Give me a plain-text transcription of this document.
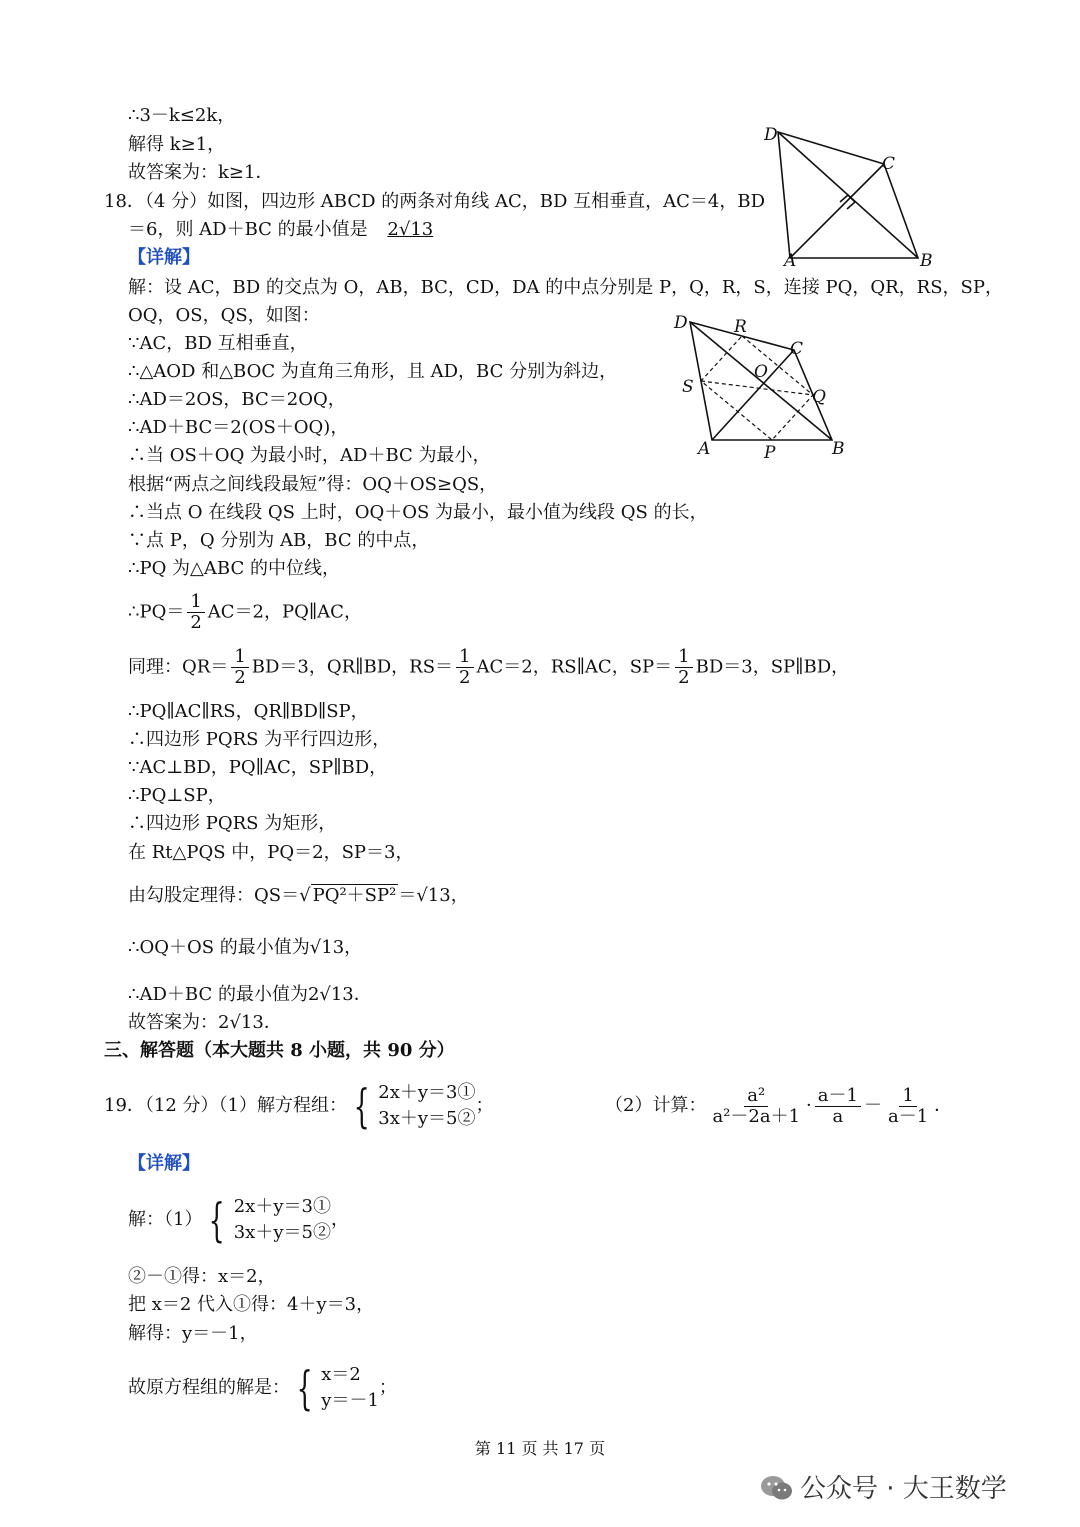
∴3－k≤2k，
解得 k≥1，
故答案为：k≥1．
18．（4 分）如图，四边形 ABCD 的两条对角线 AC，BD 互相垂直，AC＝4，BD
＝6，则 AD＋BC 的最小值是 2√13
【详解】
D
C
A	B
解：设 AC，BD 的交点为 O，AB，BC，CD，DA 的中点分别是 P，Q，R，S，连接 PQ，QR，RS，SP，
OQ，OS，QS，如图：
∵AC，BD 互相垂直，
∴△AOD 和△BOC 为直角三角形，且 AD，BC 分别为斜边，
∴AD＝2OS，BC＝2OQ，
∴AD＋BC＝2(OS＋OQ)，
∴当 OS＋OQ 为最小时，AD＋BC 为最小，
根据“两点之间线段最短”得：OQ＋OS≥QS，
∴当点 O 在线段 QS 上时，OQ＋OS 为最小，最小值为线段 QS 的长，
∵点 P，Q 分别为 AB，BC 的中点，
∴PQ 为△ABC 的中位线，
D	R
C
O
S	Q
A	P	B
∴PQ＝ $\frac{1}{2} AC=2$，PQ∥AC，
同理：$QR= \frac{1}{2} BD=3$，QR∥BD，$RS= \frac{1}{2} AC=2$，RS∥AC，$SP= \frac{1}{2} BD=3$，SP∥BD，
∴PQ∥AC∥RS，QR∥BD∥SP，
∴四边形 PQRS 为平行四边形，
∵AC⊥BD，PQ∥AC，SP∥BD，
∴PQ⊥SP，
∴四边形 PQRS 为矩形，
在 Rt△PQS 中，PQ＝2，SP＝3，
由勾股定理得：QS＝√ PQ²＋SP² ＝√13，
∴OQ＋OS 的最小值为√13，
∴AD＋BC 的最小值为2√13．
故答案为：2√13．
三、解答题（本大题共 8 小题，共 90 分）
19．（12 分）（1）解方程组： { 2x＋y＝3①
3x＋y＝5②
；	（2）计算： $\frac{\text{a²}}{\text{a²－2a＋1}} \cdot \frac{a-1}{a} - \frac{1}{a-1}$ ．
【详解】
解：（1） { 2x＋y＝3①
3x＋y＝5②
，
②－①得：x＝2，
把 x＝2 代入①得：4＋y＝3，
解得：y＝－1，
故原方程组的解是： { x＝2
y＝－1
；
第 11 页 共 17 页
公众号 · 大王数学
